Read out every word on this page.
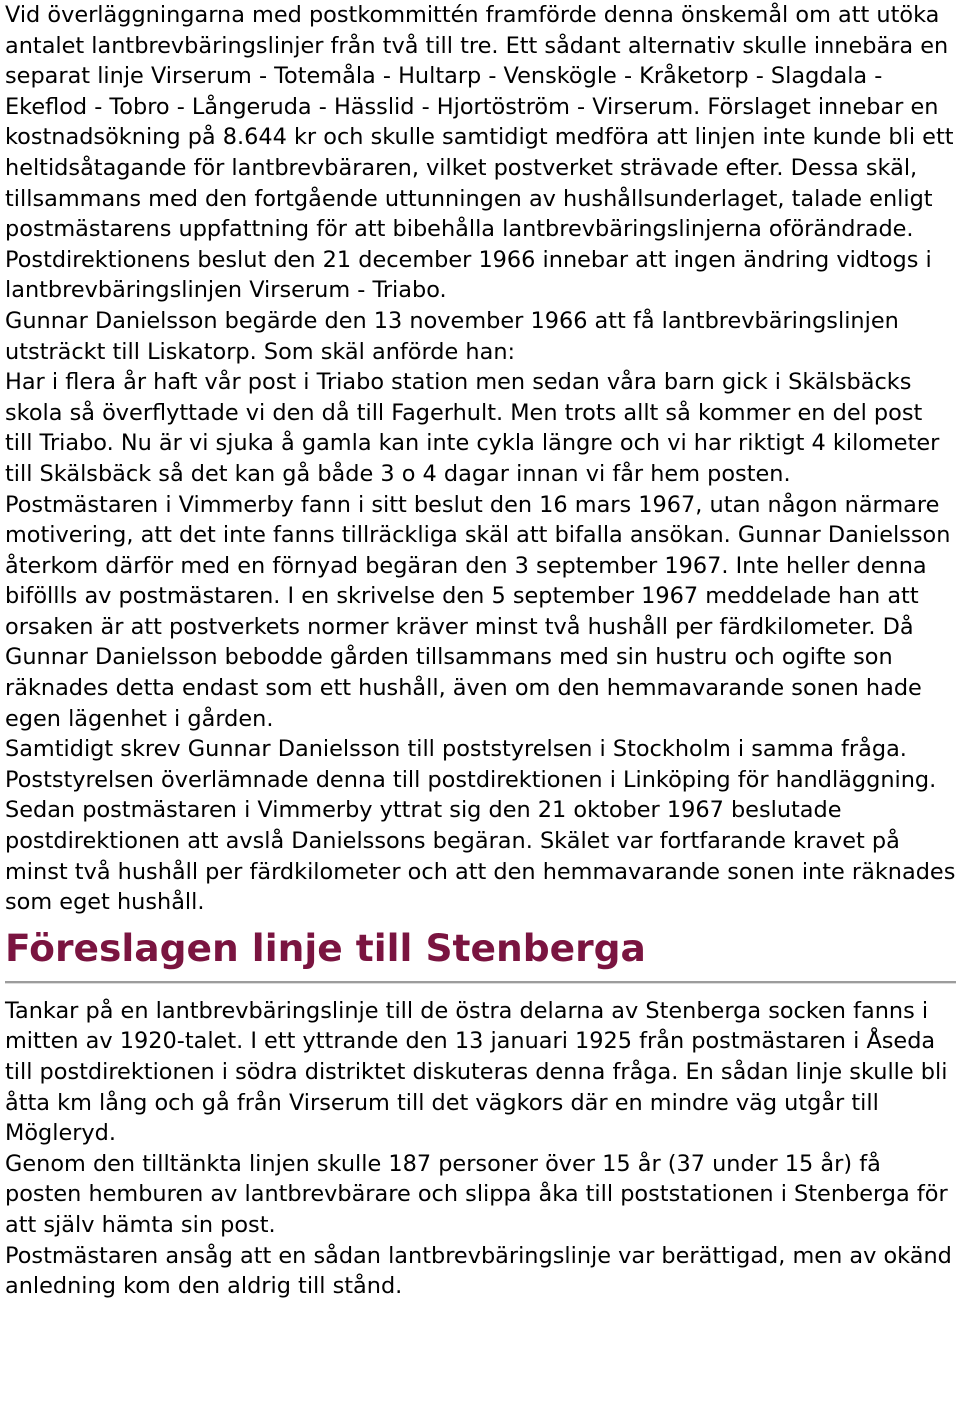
Vid överläggningarna med postkommittén framförde denna önskemål om att utöka antalet lantbrevbäringslinjer från två till tre. Ett sådant alternativ skulle innebära en separat linje Virserum - Totemåla - Hultarp - Venskögle - Kråketorp - Slagdala - Ekeflod - Tobro - Långeruda - Hässlid - Hjortöström - Virserum. Förslaget innebar en kostnadsökning på 8.644 kr och skulle samtidigt medföra att linjen inte kunde bli ett heltidsåtagande för lantbrevbäraren, vilket postverket strävade efter. Dessa skäl, tillsammans med den fortgående uttunningen av hushållsunderlaget, talade enligt postmästarens uppfattning för att bibehålla lantbrevbäringslinjerna oförändrade.

Postdirektionens beslut den 21 december 1966 innebar att ingen ändring vidtogs i lantbrevbäringslinjen Virserum - Triabo.

Gunnar Danielsson begärde den 13 november 1966 att få lantbrevbäringslinjen utsträckt till Liskatorp. Som skäl anförde han:

Har i flera år haft vår post i Triabo station men sedan våra barn gick i Skälsbäcks skola så överflyttade vi den då till Fagerhult. Men trots allt så kommer en del post till Triabo. Nu är vi sjuka å gamla kan inte cykla längre och vi har riktigt 4 kilometer till Skälsbäck så det kan gå både 3 o 4 dagar innan vi får hem posten.

Postmästaren i Vimmerby fann i sitt beslut den 16 mars 1967, utan någon närmare motivering, att det inte fanns tillräckliga skäl att bifalla ansökan. Gunnar Danielsson återkom därför med en förnyad begäran den 3 september 1967. Inte heller denna biföllls av postmästaren. I en skrivelse den 5 september 1967 meddelade han att orsaken är att postverkets normer kräver minst två hushåll per färdkilometer. Då Gunnar Danielsson bebodde gården tillsammans med sin hustru och ogifte son räknades detta endast som ett hushåll, även om den hemmavarande sonen hade egen lägenhet i gården.

Samtidigt skrev Gunnar Danielsson till poststyrelsen i Stockholm i samma fråga. Poststyrelsen överlämnade denna till postdirektionen i Linköping för handläggning. Sedan postmästaren i Vimmerby yttrat sig den 21 oktober 1967 beslutade postdirektionen att avslå Danielssons begäran. Skälet var fortfarande kravet på minst två hushåll per färdkilometer och att den hemmavarande sonen inte räknades som eget hushåll.

Föreslagen linje till Stenberga

Tankar på en lantbrevbäringslinje till de östra delarna av Stenberga socken fanns i mitten av 1920-talet. I ett yttrande den 13 januari 1925 från postmästaren i Åseda till postdirektionen i södra distriktet diskuteras denna fråga. En sådan linje skulle bli åtta km lång och gå från Virserum till det vägkors där en mindre väg utgår till Mögleryd.

Genom den tilltänkta linjen skulle 187 personer över 15 år (37 under 15 år) få posten hemburen av lantbrevbärare och slippa åka till poststationen i Stenberga för att själv hämta sin post.

Postmästaren ansåg att en sådan lantbrevbäringslinje var berättigad, men av okänd anledning kom den aldrig till stånd.
